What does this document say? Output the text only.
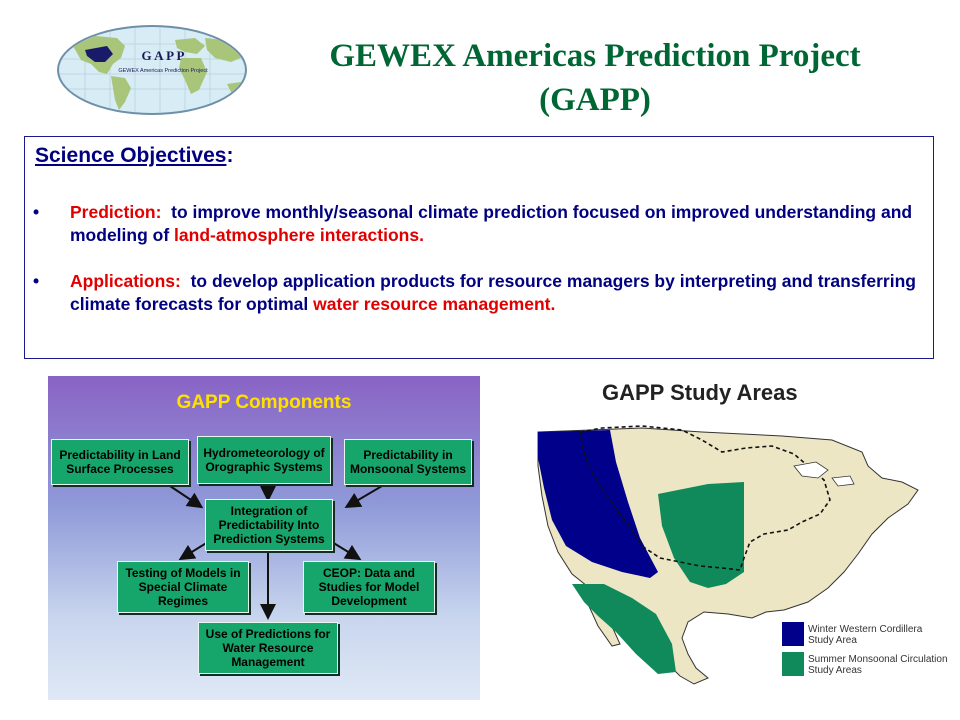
G A P P
GEWEX Americas Prediction Project	GEWEX Americas Prediction Project
(GAPP)
Science Objectives:
• Prediction:  to improve monthly/seasonal climate prediction focused on improved understanding and modeling of land-atmosphere interactions.
• Applications:  to develop application products for resource managers by interpreting and transferring climate forecasts for optimal water resource management.
GAPP Components
Predictability in Land Surface Processes
Hydrometeorology of Orographic Systems
Predictability in Monsoonal Systems
Integration of Predictability Into Prediction Systems
Testing of Models in Special Climate Regimes
CEOP: Data and Studies for Model Development
Use of Predictions for Water Resource Management
GAPP Study Areas
Winter Western Cordillera Study Area
Summer Monsoonal Circulation Study Areas
